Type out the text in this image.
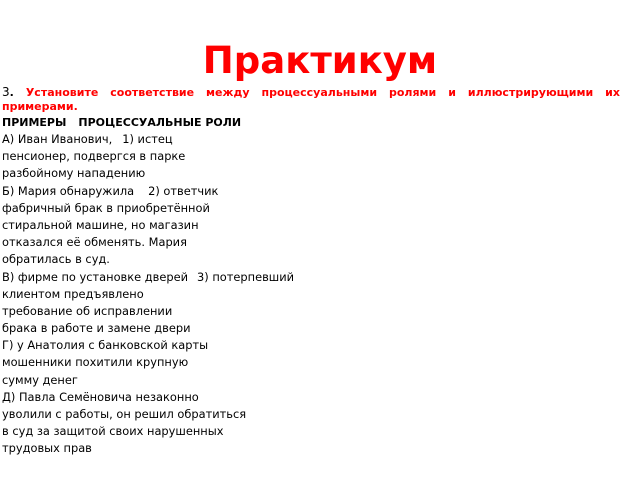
Практикум
3. Установите соответствие между процессуальными ролями и иллюстрирующими их примерами.
ПРИМЕРЫ ПРОЦЕССУАЛЬНЫЕ РОЛИ
А) Иван Иванович, 1) истец
пенсионер, подвергся в парке
разбойному нападению
Б) Мария обнаружила 2) ответчик
фабричный брак в приобретённой
стиральной машине, но магазин
отказался её обменять. Мария
обратилась в суд.
В) фирме по установке дверей 3) потерпевший
клиентом предъявлено
требование об исправлении
брака в работе и замене двери
Г) у Анатолия с банковской карты
мошенники похитили крупную
сумму денег
Д) Павла Семёновича незаконно
уволили с работы, он решил обратиться
в суд за защитой своих нарушенных
трудовых прав
